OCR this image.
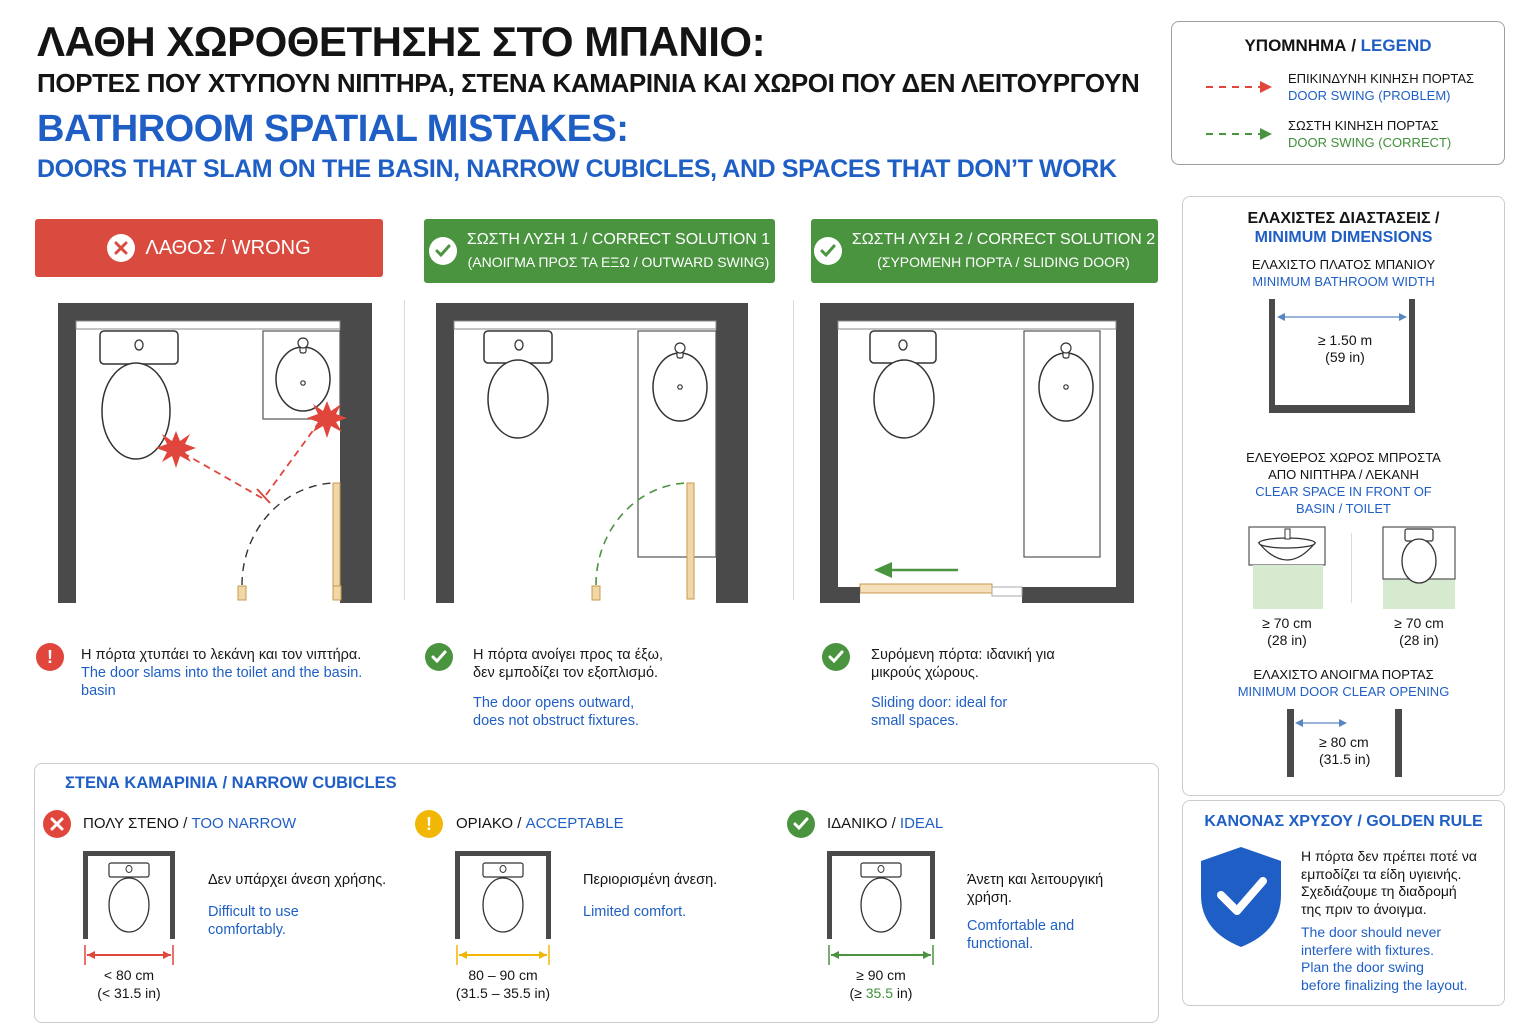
ΛΑΘΗ ΧΩΡΟΘΕΤΗΣΗΣ ΣΤΟ ΜΠΑΝΙΟ:
ΠΟΡΤΕΣ ΠΟΥ ΧΤΥΠΟΥΝ ΝΙΠΤΗΡΑ, ΣΤΕΝΑ ΚΑΜΑΡΙΝΙΑ ΚΑΙ ΧΩΡΟΙ ΠΟΥ ΔΕΝ ΛΕΙΤΟΥΡΓΟΥΝ
BATHROOM SPATIAL MISTAKES:
DOORS THAT SLAM ON THE BASIN, NARROW CUBICLES, AND SPACES THAT DON’T WORK
ΥΠΟΜΝΗΜΑ / LEGEND
ΕΠΙΚΙΝΔΥΝΗ ΚΙΝΗΣΗ ΠΟΡΤΑΣ
DOOR SWING (PROBLEM)
ΣΩΣΤΗ ΚΙΝΗΣΗ ΠΟΡΤΑΣ
DOOR SWING (CORRECT)
ΛΑΘΟΣ / WRONG	ΣΩΣΤΗ ΛΥΣΗ 1 / CORRECT SOLUTION 1
(ΑΝΟΙΓΜΑ ΠΡΟΣ ΤΑ ΕΞΩ / OUTWARD SWING)
ΣΩΣΤΗ ΛΥΣΗ 2 / CORRECT SOLUTION 2
(ΣΥΡΟΜΕΝΗ ΠΟΡΤΑ / SLIDING DOOR)
!	Η πόρτα χτυπάει το λεκάνη και τον νιπτήρα.
The door slams into the toilet and the basin.
basin
Η πόρτα ανοίγει προς τα έξω,
δεν εμποδίζει τον εξοπλισμό.
The door opens outward,
does not obstruct fixtures.
Συρόμενη πόρτα: ιδανική για
μικρούς χώρους.
Sliding door: ideal for
small spaces.
ΕΛΑΧΙΣΤΕΣ ΔΙΑΣΤΑΣΕΙΣ /
MINIMUM DIMENSIONS
ΕΛΑΧΙΣΤΟ ΠΛΑΤΟΣ ΜΠΑΝΙΟΥ
MINIMUM BATHROOM WIDTH
≥ 1.50 m
(59 in)
ΕΛΕΥΘΕΡΟΣ ΧΩΡΟΣ ΜΠΡΟΣΤΑ
ΑΠΟ ΝΙΠΤΗΡΑ / ΛΕΚΑΝΗ
CLEAR SPACE IN FRONT OF
BASIN / TOILET
≥ 70 cm
(28 in)
≥ 70 cm
(28 in)
ΕΛΑΧΙΣΤΟ ΑΝΟΙΓΜΑ ΠΟΡΤΑΣ
MINIMUM DOOR CLEAR OPENING
≥ 80 cm
(31.5 in)
ΚΑΝΟΝΑΣ ΧΡΥΣΟΥ / GOLDEN RULE
Η πόρτα δεν πρέπει ποτέ να
εμποδίζει τα είδη υγιεινής.
Σχεδιάζουμε τη διαδρομή
της πριν το άνοιγμα.
The door should never
interfere with fixtures.
Plan the door swing
before finalizing the layout.
ΣΤΕΝΑ ΚΑΜΑΡΙΝΙΑ / NARROW CUBICLES
ΠΟΛΥ ΣΤΕΝΟ / TOO NARROW
< 80 cm
(< 31.5 in)
Δεν υπάρχει άνεση χρήσης.
Difficult to use
comfortably.
!	ΟΡΙΑΚΟ / ACCEPTABLE
80 – 90 cm
(31.5 – 35.5 in)
Περιορισμένη άνεση.
Limited comfort.
ΙΔΑΝΙΚΟ / IDEAL
≥ 90 cm
(≥ 35.5 in)
Άνετη και λειτουργική
χρήση.
Comfortable and
functional.
